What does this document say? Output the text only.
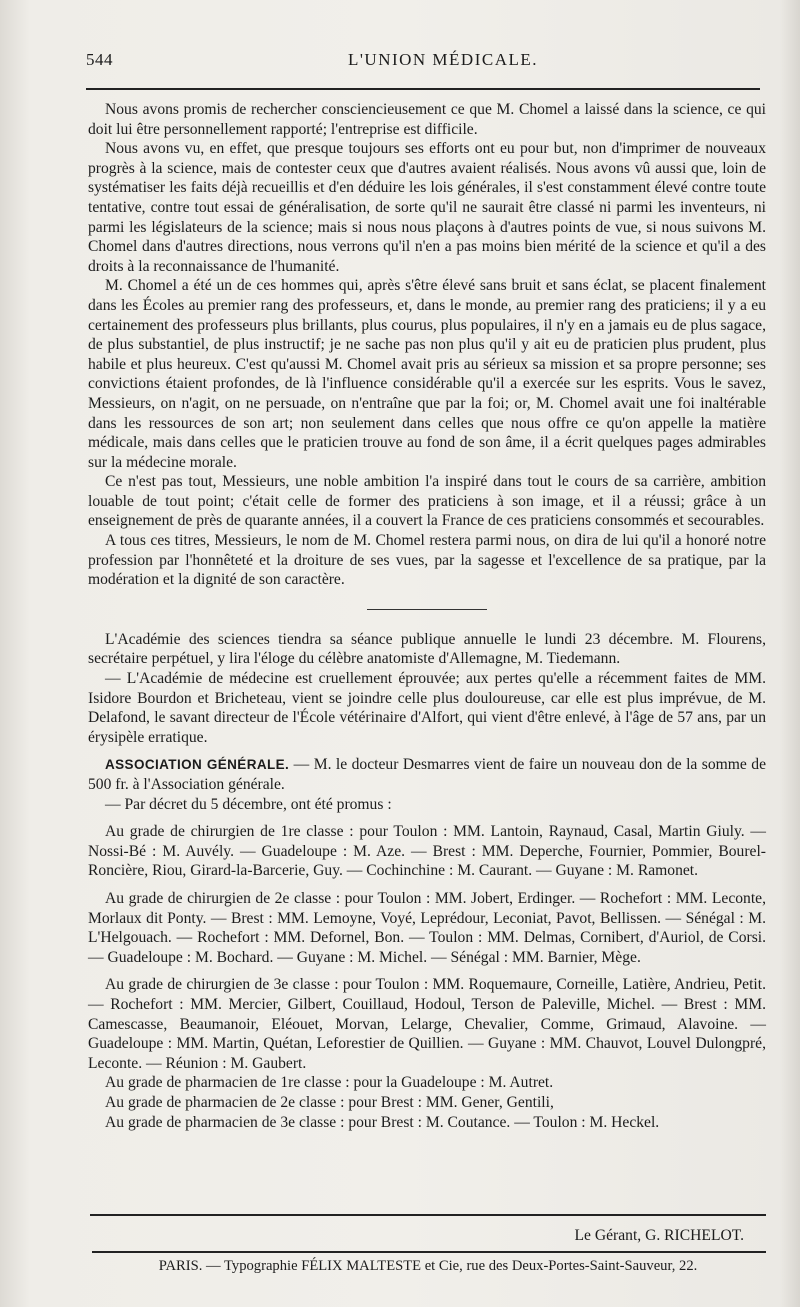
544	L'UNION MÉDICALE.

Nous avons promis de rechercher consciencieusement ce que M. Chomel a laissé dans la science, ce qui doit lui être personnellement rapporté; l'entreprise est difficile.

Nous avons vu, en effet, que presque toujours ses efforts ont eu pour but, non d'imprimer de nouveaux progrès à la science, mais de contester ceux que d'autres avaient réalisés. Nous avons vû aussi que, loin de systématiser les faits déjà recueillis et d'en déduire les lois générales, il s'est constamment élevé contre toute tentative, contre tout essai de généralisation, de sorte qu'il ne saurait être classé ni parmi les inventeurs, ni parmi les législateurs de la science; mais si nous nous plaçons à d'autres points de vue, si nous suivons M. Chomel dans d'autres directions, nous verrons qu'il n'en a pas moins bien mérité de la science et qu'il a des droits à la reconnaissance de l'humanité.

M. Chomel a été un de ces hommes qui, après s'être élevé sans bruit et sans éclat, se placent finalement dans les Écoles au premier rang des professeurs, et, dans le monde, au premier rang des praticiens; il y a eu certainement des professeurs plus brillants, plus courus, plus populaires, il n'y en a jamais eu de plus sagace, de plus substantiel, de plus instructif; je ne sache pas non plus qu'il y ait eu de praticien plus prudent, plus habile et plus heureux. C'est qu'aussi M. Chomel avait pris au sérieux sa mission et sa propre personne; ses convictions étaient profondes, de là l'influence considérable qu'il a exercée sur les esprits. Vous le savez, Messieurs, on n'agit, on ne persuade, on n'entraîne que par la foi; or, M. Chomel avait une foi inaltérable dans les ressources de son art; non seulement dans celles que nous offre ce qu'on appelle la matière médicale, mais dans celles que le praticien trouve au fond de son âme, il a écrit quelques pages admirables sur la médecine morale.

Ce n'est pas tout, Messieurs, une noble ambition l'a inspiré dans tout le cours de sa carrière, ambition louable de tout point; c'était celle de former des praticiens à son image, et il a réussi; grâce à un enseignement de près de quarante années, il a couvert la France de ces praticiens consommés et secourables.

A tous ces titres, Messieurs, le nom de M. Chomel restera parmi nous, on dira de lui qu'il a honoré notre profession par l'honnêteté et la droiture de ses vues, par la sagesse et l'excellence de sa pratique, par la modération et la dignité de son caractère.

L'Académie des sciences tiendra sa séance publique annuelle le lundi 23 décembre. M. Flourens, secrétaire perpétuel, y lira l'éloge du célèbre anatomiste d'Allemagne, M. Tiedemann.

— L'Académie de médecine est cruellement éprouvée; aux pertes qu'elle a récemment faites de MM. Isidore Bourdon et Bricheteau, vient se joindre celle plus douloureuse, car elle est plus imprévue, de M. Delafond, le savant directeur de l'École vétérinaire d'Alfort, qui vient d'être enlevé, à l'âge de 57 ans, par un érysipèle erratique.

ASSOCIATION GÉNÉRALE. — M. le docteur Desmarres vient de faire un nouveau don de la somme de 500 fr. à l'Association générale.

— Par décret du 5 décembre, ont été promus :

Au grade de chirurgien de 1re classe : pour Toulon : MM. Lantoin, Raynaud, Casal, Martin Giuly. — Nossi-Bé : M. Auvély. — Guadeloupe : M. Aze. — Brest : MM. Deperche, Fournier, Pommier, Bourel-Roncière, Riou, Girard-la-Barcerie, Guy. — Cochinchine : M. Caurant. — Guyane : M. Ramonet.

Au grade de chirurgien de 2e classe : pour Toulon : MM. Jobert, Erdinger. — Rochefort : MM. Leconte, Morlaux dit Ponty. — Brest : MM. Lemoyne, Voyé, Leprédour, Leconiat, Pavot, Bellissen. — Sénégal : M. L'Helgouach. — Rochefort : MM. Defornel, Bon. — Toulon : MM. Delmas, Cornibert, d'Auriol, de Corsi. — Guadeloupe : M. Bochard. — Guyane : M. Michel. — Sénégal : MM. Barnier, Mège.

Au grade de chirurgien de 3e classe : pour Toulon : MM. Roquemaure, Corneille, Latière, Andrieu, Petit. — Rochefort : MM. Mercier, Gilbert, Couillaud, Hodoul, Terson de Paleville, Michel. — Brest : MM. Camescasse, Beaumanoir, Eléouet, Morvan, Lelarge, Chevalier, Comme, Grimaud, Alavoine. — Guadeloupe : MM. Martin, Quétan, Leforestier de Quillien. — Guyane : MM. Chauvot, Louvel Dulongpré, Leconte. — Réunion : M. Gaubert.

Au grade de pharmacien de 1re classe : pour la Guadeloupe : M. Autret.

Au grade de pharmacien de 2e classe : pour Brest : MM. Gener, Gentili,

Au grade de pharmacien de 3e classe : pour Brest : M. Coutance. — Toulon : M. Heckel.

Le Gérant, G. RICHELOT.
PARIS. — Typographie FÉLIX MALTESTE et Cie, rue des Deux-Portes-Saint-Sauveur, 22.
